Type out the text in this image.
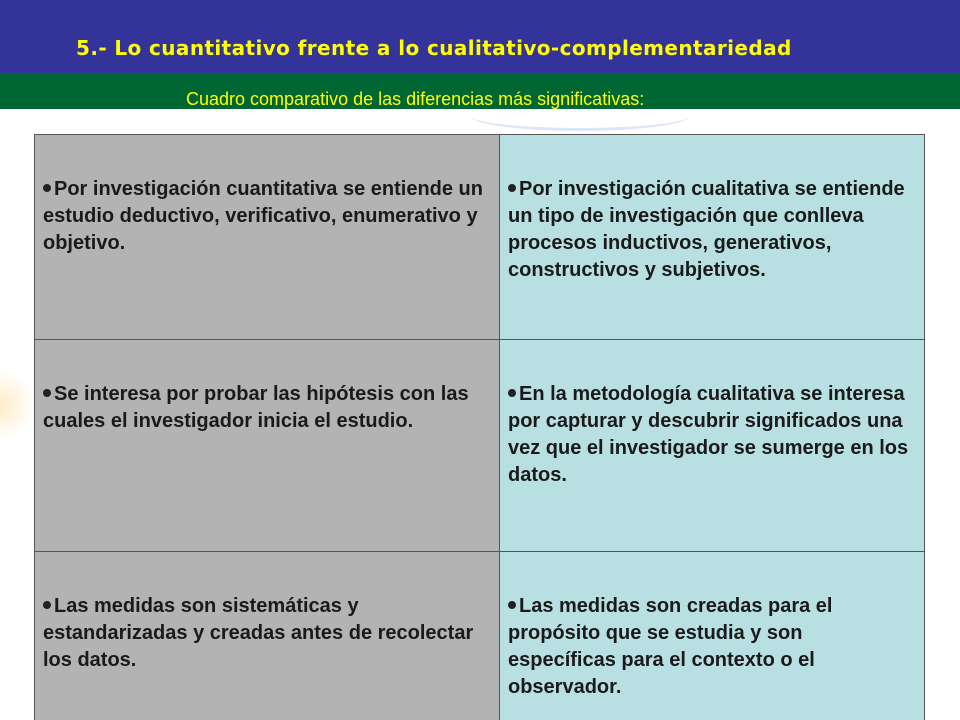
5.- Lo cuantitativo frente a lo cualitativo-complementariedad
Cuadro comparativo de las diferencias más significativas:
Por investigación cuantitativa se entiende un estudio deductivo, verificativo, enumerativo y objetivo.	Por investigación cualitativa se entiende un tipo de investigación que conlleva procesos inductivos, generativos, constructivos y subjetivos.
Se interesa por probar las hipótesis con las cuales el investigador inicia el estudio.	En la metodología cualitativa se interesa por capturar y descubrir significados una vez que el investigador se sumerge en los datos.
Las medidas son sistemáticas y estandarizadas y creadas antes de recolectar los datos.	Las medidas son creadas para el propósito que se estudia y son específicas para el contexto o el observador.
